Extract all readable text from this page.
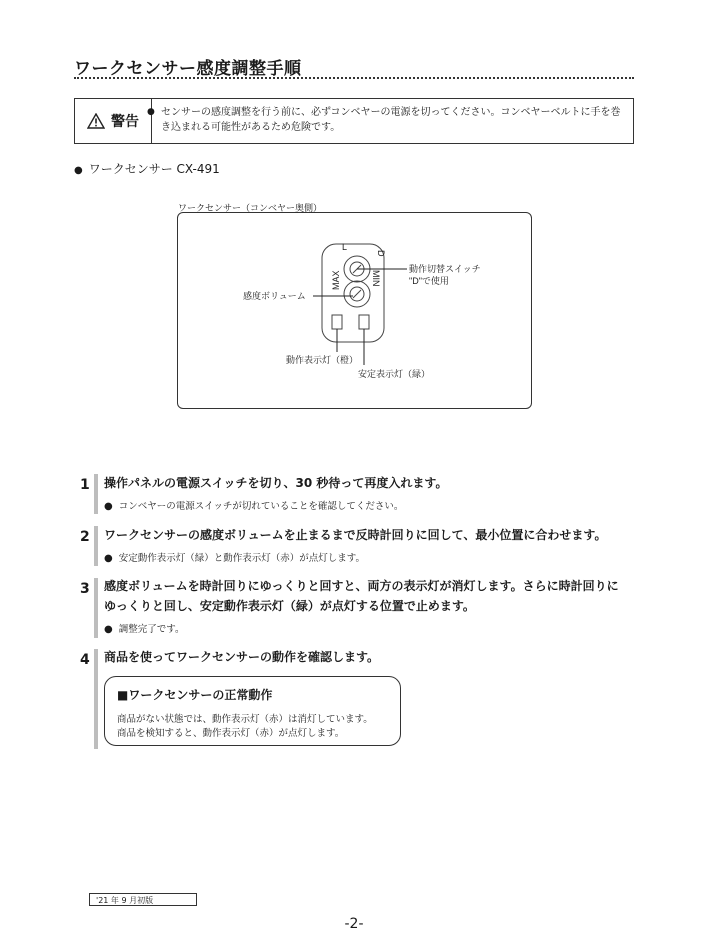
ワークセンサー感度調整手順
警告
● センサーの感度調整を行う前に、必ずコンベヤーの電源を切ってください。コンベヤーベルトに手を巻き込まれる可能性があるため危険です。
● ワークセンサー CX-491
ワークセンサー（コンベヤー奥側）
L
D
MAX	MIN
動作切替スイッチ
"D"で使用
感度ボリューム
動作表示灯（橙）
安定表示灯（緑）
1 操作パネルの電源スイッチを切り、30 秒待って再度入れます。
● コンベヤーの電源スイッチが切れていることを確認してください。
2 ワークセンサーの感度ボリュームを止まるまで反時計回りに回して、最小位置に合わせます。
● 安定動作表示灯（緑）と動作表示灯（赤）が点灯します。
3 感度ボリュームを時計回りにゆっくりと回すと、両方の表示灯が消灯します。さらに時計回りに
ゆっくりと回し、安定動作表示灯（緑）が点灯する位置で止めます。
● 調整完了です。
4 商品を使ってワークセンサーの動作を確認します。
■ワークセンサーの正常動作
商品がない状態では、動作表示灯（赤）は消灯しています。
商品を検知すると、動作表示灯（赤）が点灯します。
'21 年 9 月初版
-2-
